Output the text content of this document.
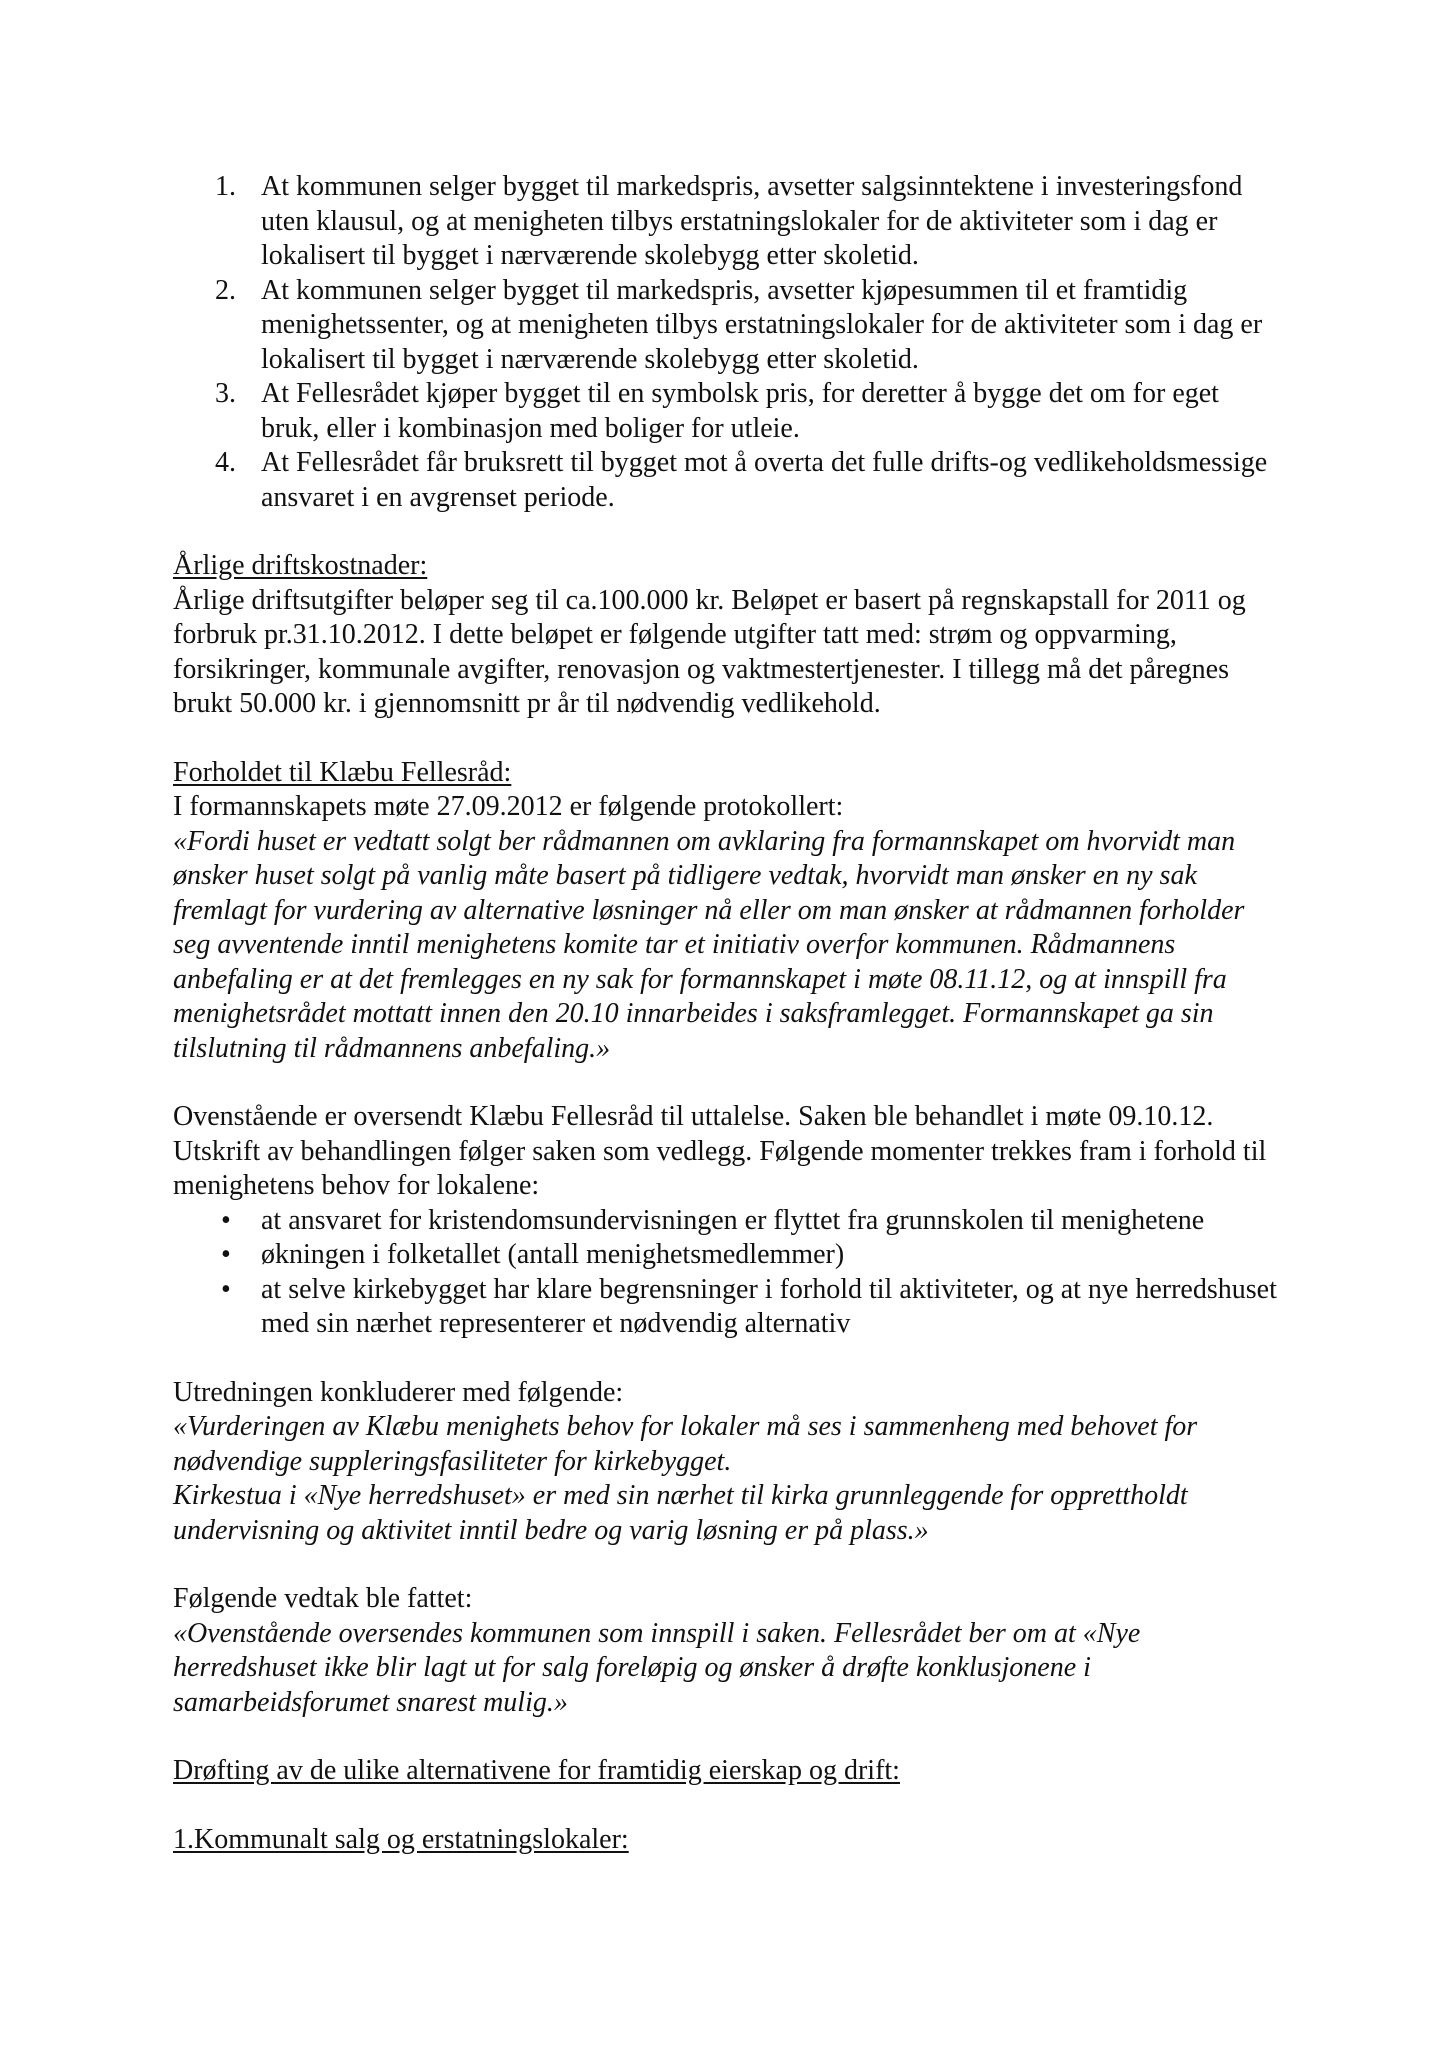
1. At kommunen selger bygget til markedspris, avsetter salgsinntektene i investeringsfond uten klausul, og at menigheten tilbys erstatningslokaler for de aktiviteter som i dag er lokalisert til bygget i nærværende skolebygg etter skoletid.
2. At kommunen selger bygget til markedspris, avsetter kjøpesummen til et framtidig menighetssenter, og at menigheten tilbys erstatningslokaler for de aktiviteter som i dag er lokalisert til bygget i nærværende skolebygg etter skoletid.
3. At Fellesrådet kjøper bygget til en symbolsk pris, for deretter å bygge det om for eget bruk, eller i kombinasjon med boliger for utleie.
4. At Fellesrådet får bruksrett til bygget mot å overta det fulle drifts-og vedlikeholdsmessige ansvaret i en avgrenset periode.

Årlige driftskostnader:

Årlige driftsutgifter beløper seg til ca.100.000 kr. Beløpet er basert på regnskapstall for 2011 og forbruk pr.31.10.2012. I dette beløpet er følgende utgifter tatt med: strøm og oppvarming, forsikringer, kommunale avgifter, renovasjon og vaktmestertjenester. I tillegg må det påregnes brukt 50.000 kr. i gjennomsnitt pr år til nødvendig vedlikehold.

Forholdet til Klæbu Fellesråd:

I formannskapets møte 27.09.2012 er følgende protokollert:

«Fordi huset er vedtatt solgt ber rådmannen om avklaring fra formannskapet om hvorvidt man ønsker huset solgt på vanlig måte basert på tidligere vedtak, hvorvidt man ønsker en ny sak fremlagt for vurdering av alternative løsninger nå eller om man ønsker at rådmannen forholder seg avventende inntil menighetens komite tar et initiativ overfor kommunen. Rådmannens anbefaling er at det fremlegges en ny sak for formannskapet i møte 08.11.12, og at innspill fra menighetsrådet mottatt innen den 20.10 innarbeides i saksframlegget. Formannskapet ga sin tilslutning til rådmannens anbefaling.»

Ovenstående er oversendt Klæbu Fellesråd til uttalelse. Saken ble behandlet i møte 09.10.12. Utskrift av behandlingen følger saken som vedlegg. Følgende momenter trekkes fram i forhold til menighetens behov for lokalene:

• at ansvaret for kristendomsundervisningen er flyttet fra grunnskolen til menighetene
• økningen i folketallet (antall menighetsmedlemmer)
• at selve kirkebygget har klare begrensninger i forhold til aktiviteter, og at nye herredshuset med sin nærhet representerer et nødvendig alternativ

Utredningen konkluderer med følgende:

«Vurderingen av Klæbu menighets behov for lokaler må ses i sammenheng med behovet for nødvendige suppleringsfasiliteter for kirkebygget.

Kirkestua i «Nye herredshuset» er med sin nærhet til kirka grunnleggende for opprettholdt undervisning og aktivitet inntil bedre og varig løsning er på plass.»

Følgende vedtak ble fattet:

«Ovenstående oversendes kommunen som innspill i saken. Fellesrådet ber om at «Nye herredshuset ikke blir lagt ut for salg foreløpig og ønsker å drøfte konklusjonene i samarbeidsforumet snarest mulig.»

Drøfting av de ulike alternativene for framtidig eierskap og drift:

1.Kommunalt salg og erstatningslokaler:
